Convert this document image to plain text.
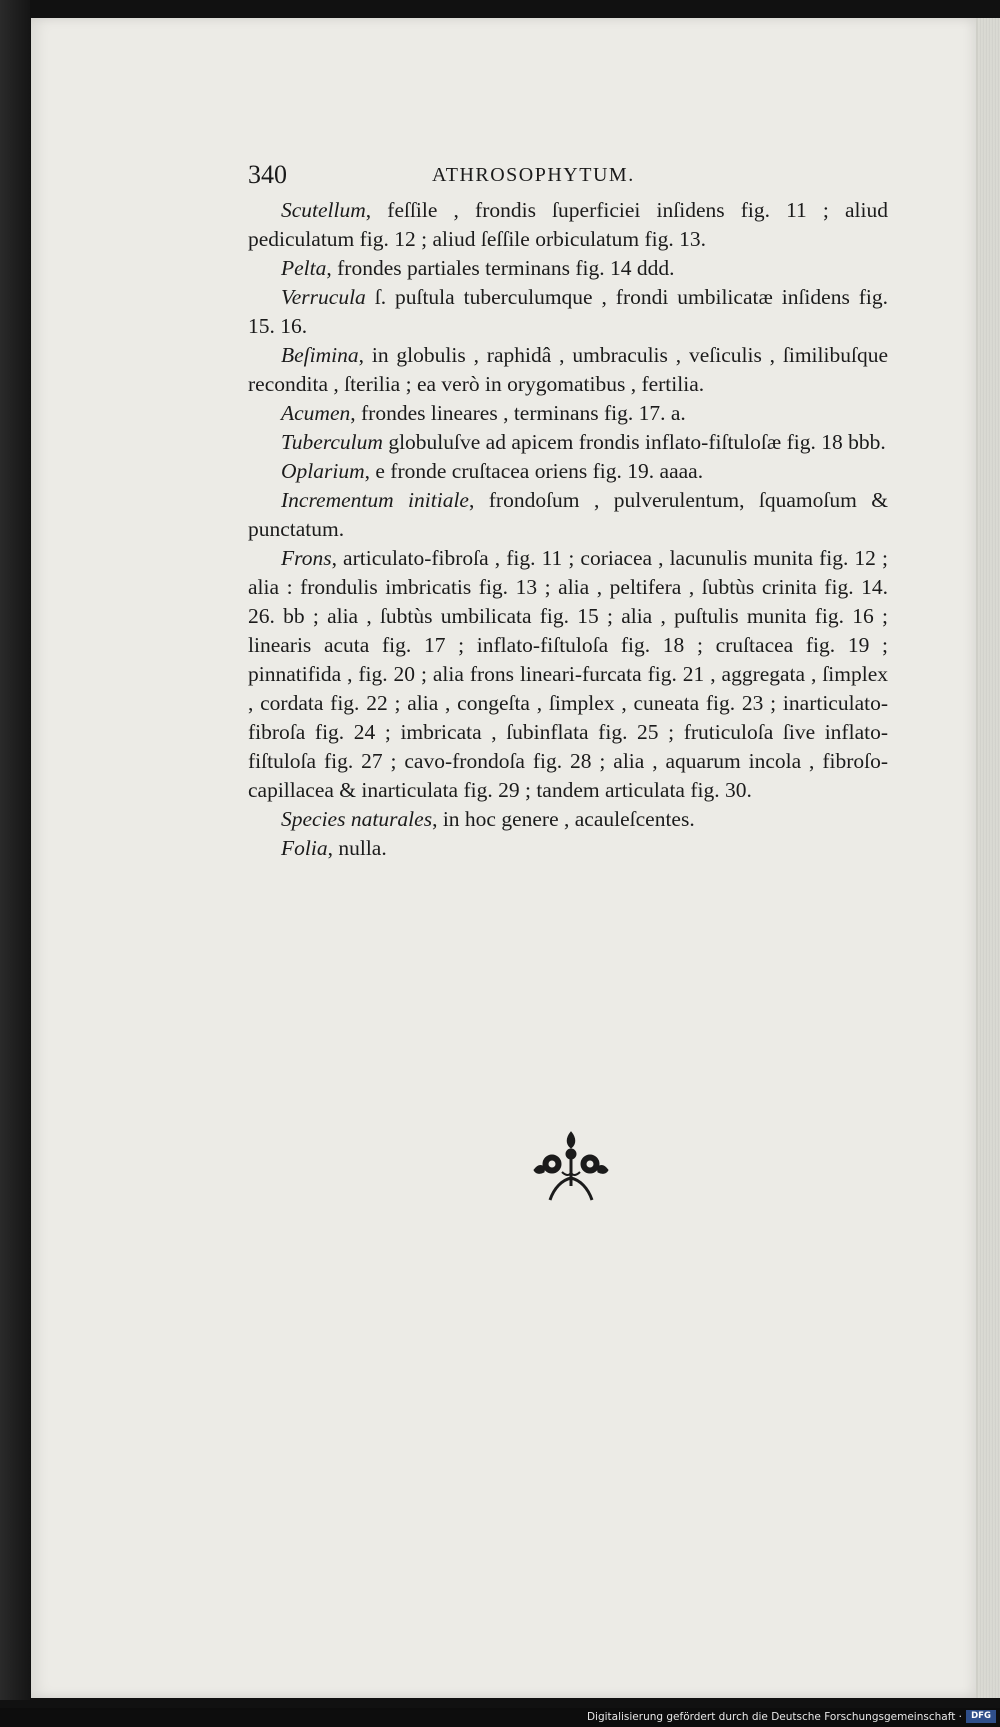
340	ATHROSOPHYTUM.

Scutellum, feſſile , frondis ſuperficiei inſidens fig. 11 ; aliud pediculatum fig. 12 ; aliud ſeſſile orbiculatum fig. 13.

Pelta, frondes partiales terminans fig. 14 ddd.

Verrucula ſ. puſtula tuberculumque , frondi umbilicatæ inſidens fig. 15. 16.

Beſimina, in globulis , raphidâ , umbraculis , veſiculis , ſimilibuſque recondita , ſterilia ; ea verò in orygomatibus , fertilia.

Acumen, frondes lineares , terminans fig. 17. a.

Tuberculum globuluſve ad apicem frondis inflato-fiſtuloſæ fig. 18 bbb.

Oplarium, e fronde cruſtacea oriens fig. 19. aaaa.

Incrementum initiale, frondoſum , pulverulentum, ſquamoſum & punctatum.

Frons, articulato-fibroſa , fig. 11 ; coriacea , lacunulis munita fig. 12 ; alia : frondulis imbricatis fig. 13 ; alia , peltifera , ſubtùs crinita fig. 14. 26. bb ; alia , ſubtùs umbilicata fig. 15 ; alia , puſtulis munita fig. 16 ; linearis acuta fig. 17 ; inflato-fiſtuloſa fig. 18 ; cruſtacea fig. 19 ; pinnatifida , fig. 20 ; alia frons lineari-furcata fig. 21 , aggregata , ſimplex , cordata fig. 22 ; alia , congeſta , ſimplex , cuneata fig. 23 ; inarticulato-fibroſa fig. 24 ; imbricata , ſubinflata fig. 25 ; fruticuloſa ſive inflato-fiſtuloſa fig. 27 ; cavo-frondoſa fig. 28 ; alia , aquarum incola , fibroſo-capillacea & inarticulata fig. 29 ; tandem articulata fig. 30.

Species naturales, in hoc genere , acauleſcentes.

Folia, nulla.

Digitalisierung gefördert durch die Deutsche Forschungsgemeinschaft ·	DFG
